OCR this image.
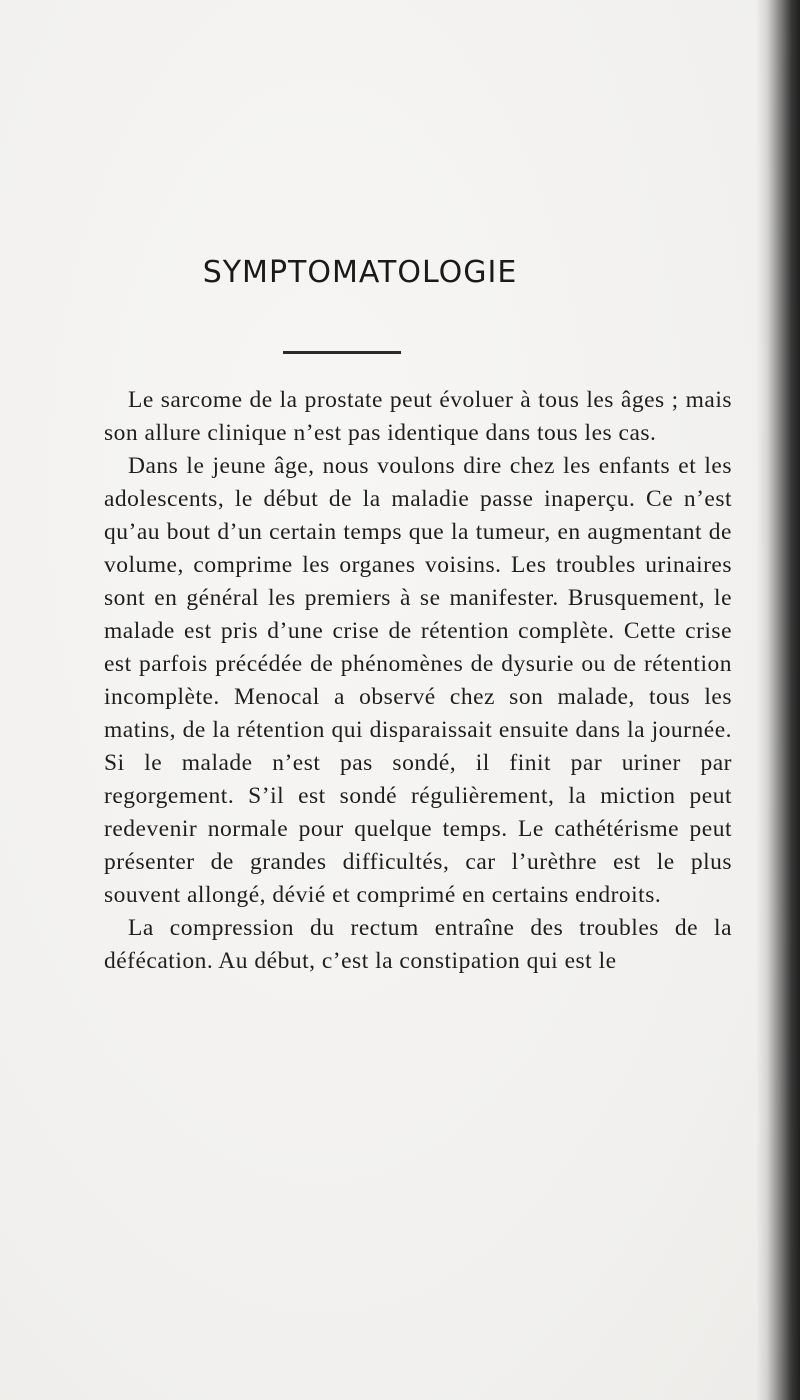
SYMPTOMATOLOGIE

Le sarcome de la prostate peut évoluer à tous les âges ; mais son allure clinique n’est pas identique dans tous les cas.

Dans le jeune âge, nous voulons dire chez les enfants et les adolescents, le début de la maladie passe inaperçu. Ce n’est qu’au bout d’un certain temps que la tumeur, en augmentant de volume, comprime les organes voisins. Les troubles urinaires sont en général les premiers à se manifester. Brusquement, le malade est pris d’une crise de rétention complète. Cette crise est parfois précédée de phénomènes de dysurie ou de rétention incomplète. Menocal a observé chez son malade, tous les matins, de la rétention qui disparaissait ensuite dans la journée. Si le malade n’est pas sondé, il finit par uriner par regorgement. S’il est sondé régulièrement, la miction peut redevenir normale pour quelque temps. Le cathétérisme peut présenter de grandes difficultés, car l’urèthre est le plus souvent allongé, dévié et comprimé en certains endroits.

La compression du rectum entraîne des troubles de la défécation. Au début, c’est la constipation qui est le
